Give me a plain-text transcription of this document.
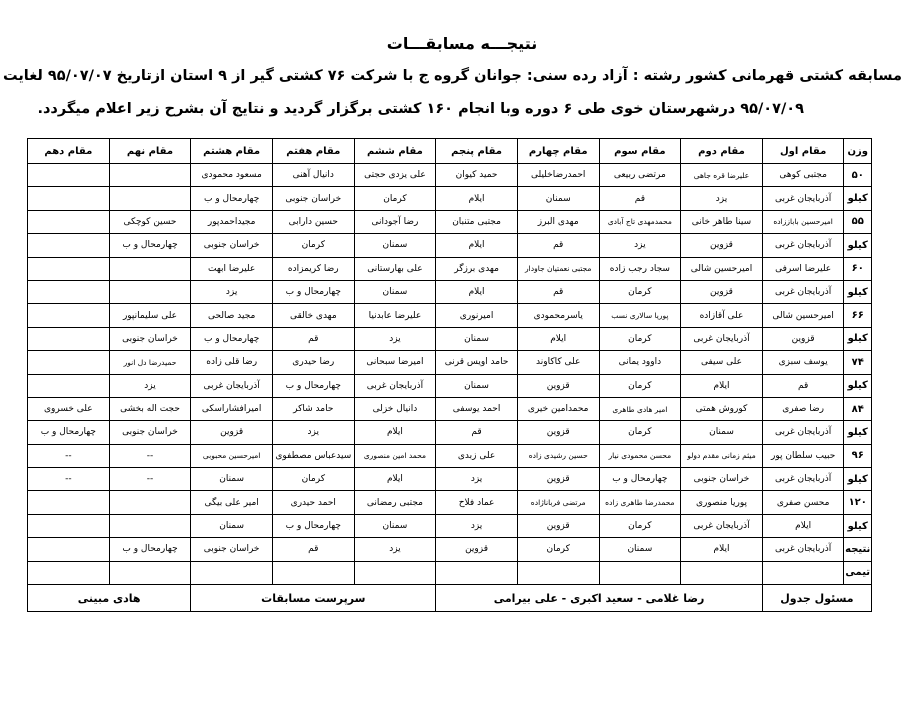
نتیجـــه مسابقـــات
مسابقه کشتی قهرمانی کشور رشته : آزاد رده سنی: جوانان گروه ج با شرکت ۷۶ کشتی گیر از ۹ استان ازتاریخ ۹۵/۰۷/۰۷ لغایت
۹۵/۰۷/۰۹ درشهرستان خوی طی ۶ دوره وبا انجام ۱۶۰ کشتی برگزار گردید و نتایج آن بشرح زیر اعلام میگردد.
وزن	مقام اول	مقام دوم	مقام سوم	مقام چهارم	مقام پنجم	مقام ششم	مقام هفتم	مقام هشتم	مقام نهم	مقام دهم
۵۰	مجتبی کوهی	علیرضا قره جاهی	مرتضی ربیعی	احمدرضاخلیلی	حمید کیوان	علی یزدی حجتی	دانیال آهنی	مسعود محمودی		
کیلو	آذربایجان غربی	یزد	قم	سمنان	ایلام	کرمان	خراسان جنوبی	چهارمحال و ب		
۵۵	امیرحسین باباززاده	سینا طاهر خانی	محمدمهدی تاج آبادی	مهدی البرز	مجتبی متنبان	رضا آجودانی	حسین دارابی	مجیداحمدپور	حسین کوچکی	
کیلو	آذربایجان غربی	قزوین	یزد	قم	ایلام	سمنان	کرمان	خراسان جنوبی	چهارمحال و ب	
۶۰	علیرضا اسرفی	امیرحسین شالی	سجاد رجب زاده	مجتبی نعمتیان جاودار	مهدی برزگر	علی بهارستانی	رضا کریمزاده	علیرضا ابهت		
کیلو	آذربایجان غربی	قزوین	کرمان	قم	ایلام	سمنان	چهارمحال و ب	یزد		
۶۶	امیرحسین شالی	علی آقازاده	پوریا سالاری نسب	یاسرمحمودی	امیرنوری	علیرضا عابدنیا	مهدی خالقی	مجید صالحی	علی سلیمانپور	
کیلو	قزوین	آذربایجان غربی	کرمان	ایلام	سمنان	یزد	قم	چهارمحال و ب	خراسان جنوبی	
۷۴	یوسف سبزی	علی سیفی	داوود یمانی	علی کاکاوند	حامد اویس قرنی	امیرضا سبحانی	رضا حیدری	رضا قلی زاده	حمیدرضا دل انور	
کیلو	قم	ایلام	کرمان	قزوین	سمنان	آذربایجان غربی	چهارمحال و ب	آذربایجان غربی	یزد	
۸۴	رضا صفری	کوروش همتی	امیر هادی طاهری	محمدامین خیری	احمد یوسفی	دانیال خزلی	حامد شاکر	امیرافشاراسکی	حجت اله بخشی	علی خسروی
کیلو	آذربایجان غربی	سمنان	کرمان	قزوین	قم	ایلام	یزد	قزوین	خراسان جنوبی	چهارمحال و ب
۹۶	حبیب سلطان پور	میثم زمانی مقدم دولو	محسن محمودی نیار	حسین رشیدی زاده	علی زبدی	محمد امین منصوری	سیدعباس مصطفوی	امیرحسین محبوبی	--	--
کیلو	آذربایجان غربی	خراسان جنوبی	چهارمحال و ب	قزوین	یزد	ایلام	کرمان	سمنان	--	--
۱۲۰	محسن صفری	پوریا منصوری	محمدرضا طاهری زاده	مرتضی فرباناژاده	عماد فلاح	مجتبی رمضانی	احمد حیدری	امیر علی بیگی		
کیلو	ایلام	آذربایجان غربی	کرمان	قزوین	یزد	سمنان	چهارمحال و ب	سمنان		
نتیجه	آذربایجان غربی	ایلام	سمنان	کرمان	قزوین	یزد	قم	خراسان جنوبی	چهارمحال و ب	
تیمی										
مسئول جدول		رضا غلامی - سعید اکبری - علی بیرامی				سرپرست مسابقات			هادی مبینی	
